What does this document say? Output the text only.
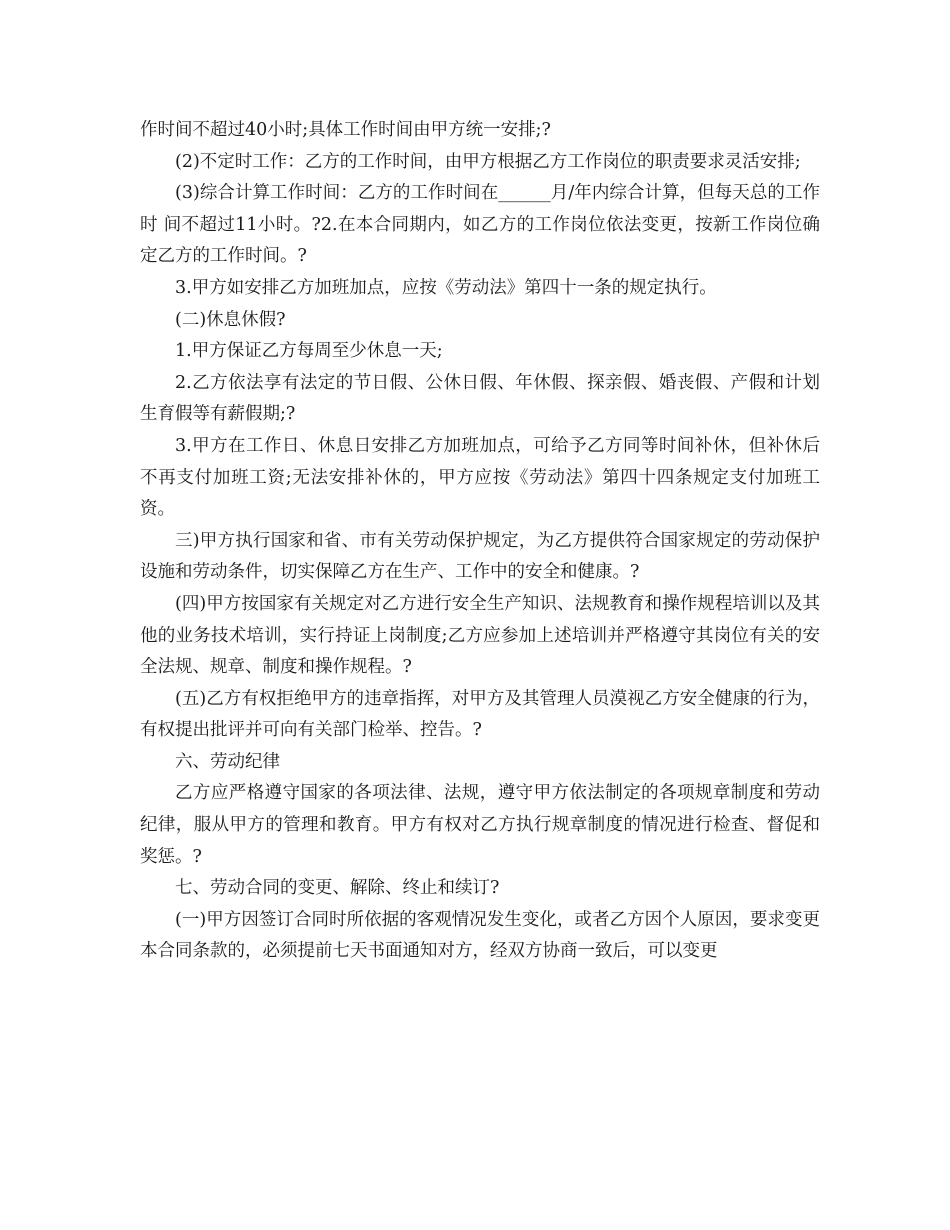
作时间不超过40小时;具体工作时间由甲方统一安排;?

(2)不定时工作：乙方的工作时间，由甲方根据乙方工作岗位的职责要求灵活安排;

(3)综合计算工作时间：乙方的工作时间在______月/年内综合计算，但每天总的工作时 间不超过11小时。?2.在本合同期内，如乙方的工作岗位依法变更，按新工作岗位确定乙方的工作时间。?

3.甲方如安排乙方加班加点，应按《劳动法》第四十一条的规定执行。

(二)休息休假?

1.甲方保证乙方每周至少休息一天;

2.乙方依法享有法定的节日假、公休日假、年休假、探亲假、婚丧假、产假和计划生育假等有薪假期;?

3.甲方在工作日、休息日安排乙方加班加点，可给予乙方同等时间补休，但补休后不再支付加班工资;无法安排补休的，甲方应按《劳动法》第四十四条规定支付加班工资。

三)甲方执行国家和省、市有关劳动保护规定，为乙方提供符合国家规定的劳动保护设施和劳动条件，切实保障乙方在生产、工作中的安全和健康。?

(四)甲方按国家有关规定对乙方进行安全生产知识、法规教育和操作规程培训以及其他的业务技术培训，实行持证上岗制度;乙方应参加上述培训并严格遵守其岗位有关的安全法规、规章、制度和操作规程。?

(五)乙方有权拒绝甲方的违章指挥，对甲方及其管理人员漠视乙方安全健康的行为，有权提出批评并可向有关部门检举、控告。?

六、劳动纪律

乙方应严格遵守国家的各项法律、法规，遵守甲方依法制定的各项规章制度和劳动纪律，服从甲方的管理和教育。甲方有权对乙方执行规章制度的情况进行检查、督促和奖惩。?

七、劳动合同的变更、解除、终止和续订?

(一)甲方因签订合同时所依据的客观情况发生变化，或者乙方因个人原因，要求变更本合同条款的，必须提前七天书面通知对方，经双方协商一致后，可以变更
